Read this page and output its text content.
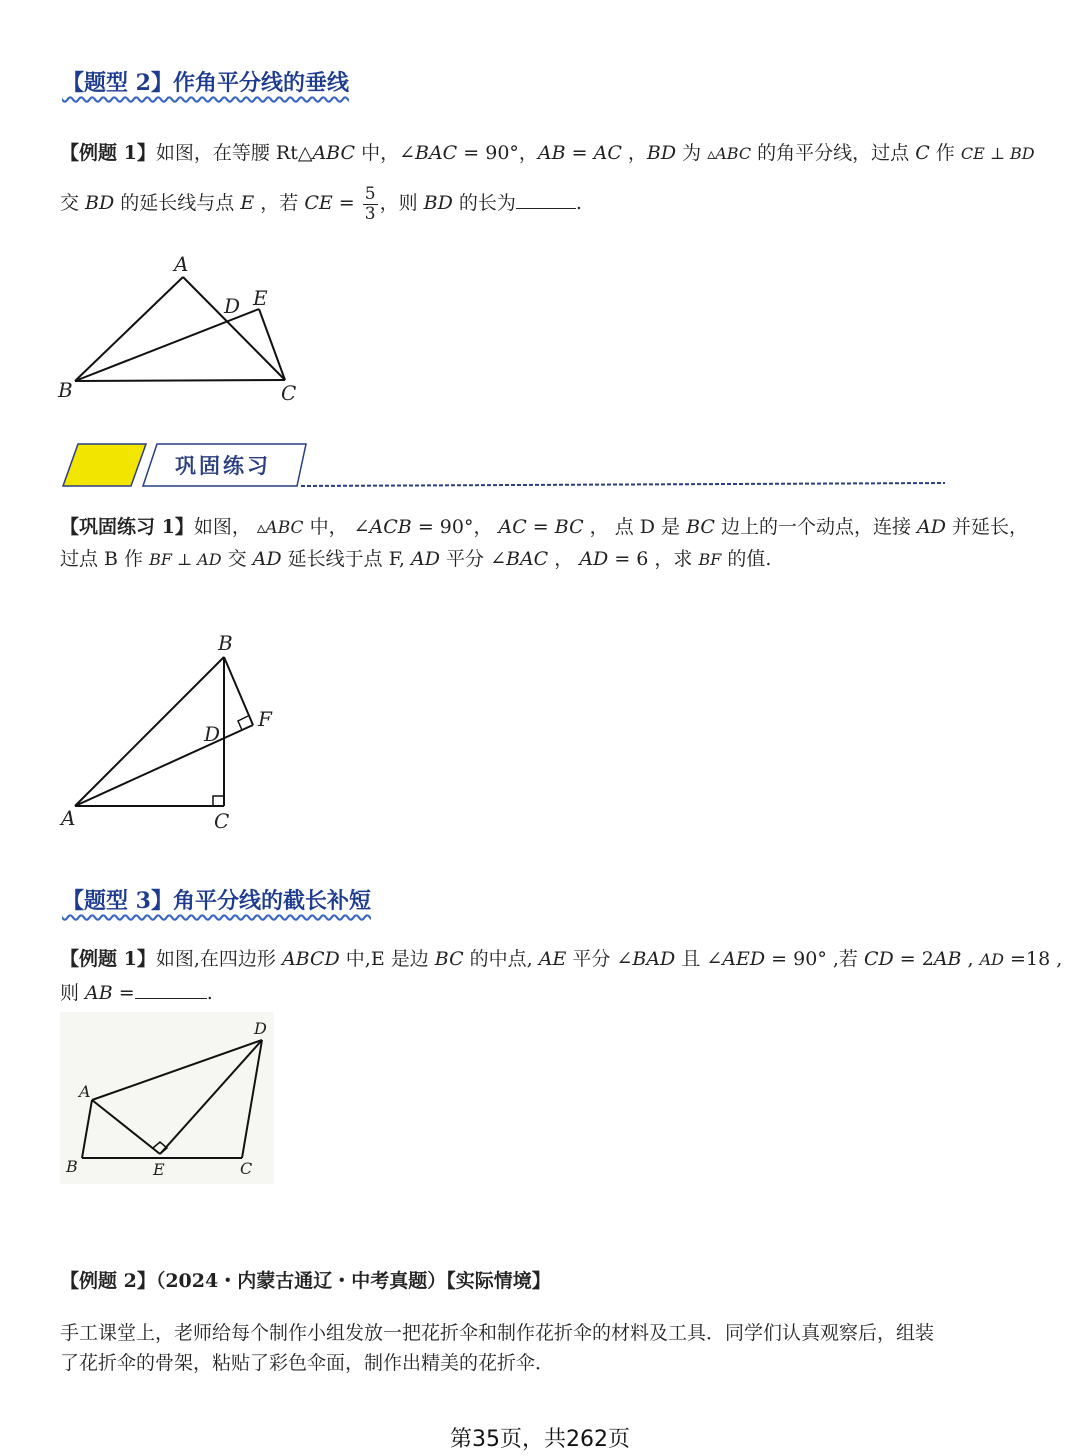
【题型 2】作角平分线的垂线
【例题 1】如图，在等腰 Rt△ABC 中，∠BAC = 90°，AB = AC ，BD 为 ▵ABC 的角平分线，过点 C 作 CE ⊥ BD
交 BD 的延长线与点 E ，若 CE = $\frac{5}{3}$ ，则 BD 的长为	.
A
B	C
D E
巩固练习
【巩固练习 1】如图， ▵ABC 中， ∠ACB = 90°， AC = BC ， 点 D 是 BC 边上的一个动点，连接 AD 并延长，
过点 B 作 BF ⊥ AD 交 AD 延长线于点 F, AD 平分 ∠BAC ， AD = 6 ，求 BF 的值.
B
A	C
D
F
【题型 3】角平分线的截长补短
【例题 1】如图,在四边形 ABCD 中,E 是边 BC 的中点, AE 平分 ∠BAD 且 ∠AED = 90° ,若 CD = 2AB , AD =18 ,
则 AB =	.
A
B	E	C
D
【例题 2】（2024・内蒙古通辽・中考真题）【实际情境】
手工课堂上，老师给每个制作小组发放一把花折伞和制作花折伞的材料及工具．同学们认真观察后，组装
了花折伞的骨架，粘贴了彩色伞面，制作出精美的花折伞．
第35页，共262页
